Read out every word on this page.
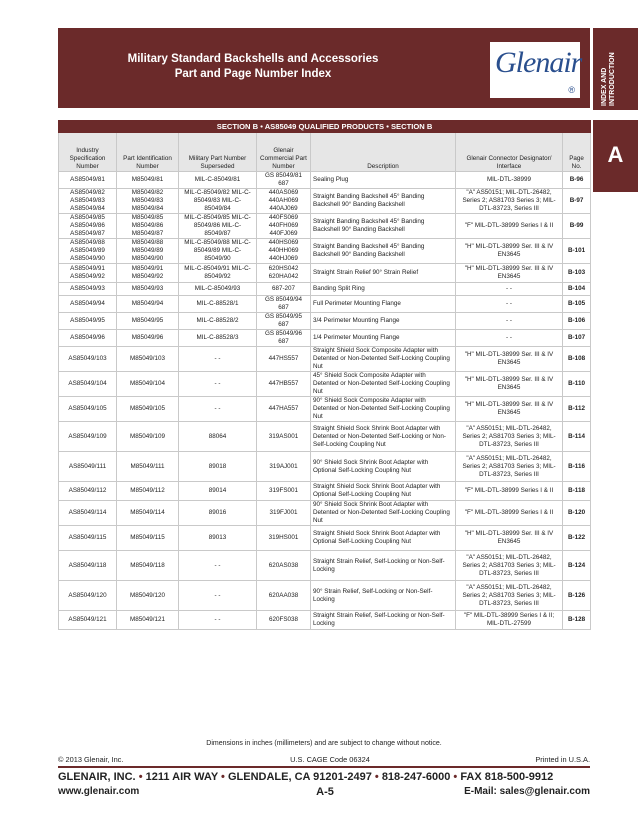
Military Standard Backshells and Accessories
Part and Page Number Index	Glenair
®	INDEX AND INTRODUCTION
A
SECTION B • AS85049 QUALIFIED PRODUCTS • SECTION B						
Industry Specification Number	Part Identification Number	Military Part Number Superseded	Glenair Commercial Part Number	Description	Glenair Connector Designator/ Interface	Page No.
AS85049/81	M85049/81	MIL-C-85049/81	GS 85049/81 687	Sealing Plug	MIL-DTL-38999	B-96
AS85049/82 AS85049/83 AS85049/84	M85049/82 M85049/83 M85049/84	MIL-C-85049/82 MIL-C-85049/83 MIL-C-85049/84	440AS069 440AH069 440AJ069	Straight Banding Backshell 45° Banding Backshell 90° Banding Backshell	"A" AS50151; MIL-DTL-26482, Series 2; AS81703 Series 3; MIL-DTL-83723, Series III	B-97
AS85049/85 AS85049/86 AS85049/87	M85049/85 M85049/86 M85049/87	MIL-C-85049/85 MIL-C-85049/86 MIL-C-85049/87	440FS069 440FH069 440FJ069	Straight Banding Backshell 45° Banding Backshell 90° Banding Backshell	"F" MIL-DTL-38999 Series I & II	B-99
AS85049/88 AS85049/89 AS85049/90	M85049/88 M85049/89 M85049/90	MIL-C-85049/88 MIL-C-85049/89 MIL-C-85049/90	440HS069 440HH069 440HJ069	Straight Banding Backshell 45° Banding Backshell 90° Banding Backshell	"H" MIL-DTL-38999 Ser. III & IV EN3645	B-101
AS85049/91 AS85049/92	M85049/91 M85049/92	MIL-C-85049/91 MIL-C-85049/92	620HS042 620HA042	Straight Strain Relief 90° Strain Relief	"H" MIL-DTL-38999 Ser. III & IV EN3645	B-103
AS85049/93	M85049/93	MIL-C-85049/93	687-207	Banding Split Ring	- -	B-104
AS85049/94	M85049/94	MIL-C-88528/1	GS 85049/94 687	Full Perimeter Mounting Flange	- -	B-105
AS85049/95	M85049/95	MIL-C-88528/2	GS 85049/95 687	3/4 Perimeter Mounting Flange	- -	B-106
AS85049/96	M85049/96	MIL-C-88528/3	GS 85049/96 687	1/4 Perimeter Mounting Flange	- -	B-107
AS85049/103	M85049/103	- -	447HS557	Straight Shield Sock Composite Adapter with Detented or Non-Detented Self-Locking Coupling Nut	"H" MIL-DTL-38999 Ser. III & IV EN3645	B-108
AS85049/104	M85049/104	- -	447HB557	45° Shield Sock Composite Adapter with Detented or Non-Detented Self-Locking Coupling Nut	"H" MIL-DTL-38999 Ser. III & IV EN3645	B-110
AS85049/105	M85049/105	- -	447HA557	90° Shield Sock Composite Adapter with Detented or Non-Detented Self-Locking Coupling Nut	"H" MIL-DTL-38999 Ser. III & IV EN3645	B-112
AS85049/109	M85049/109	88064	319AS001	Straight Shield Sock Shrink Boot Adapter with Detented or Non-Detented Self-Locking or Non-Self-Locking Coupling Nut	"A" AS50151; MIL-DTL-26482, Series 2; AS81703 Series 3; MIL-DTL-83723, Series III	B-114
AS85049/111	M85049/111	89018	319AJ001	90° Shield Sock Shrink Boot Adapter with Optional Self-Locking Coupling Nut	"A" AS50151; MIL-DTL-26482, Series 2; AS81703 Series 3; MIL-DTL-83723, Series III	B-116
AS85049/112	M85049/112	89014	319FS001	Straight Shield Sock Shrink Boot Adapter with Optional Self-Locking Coupling Nut	"F" MIL-DTL-38999 Series I & II	B-118
AS85049/114	M85049/114	89016	319FJ001	90° Shield Sock Shrink Boot Adapter with Detented or Non-Detented Self-Locking Coupling Nut	"F" MIL-DTL-38999 Series I & II	B-120
AS85049/115	M85049/115	89013	319HS001	Straight Shield Sock Shrink Boot Adapter with Optional Self-Locking Coupling Nut	"H" MIL-DTL-38999 Ser. III & IV EN3645	B-122
AS85049/118	M85049/118	- -	620AS038	Straight Strain Relief, Self-Locking or Non-Self-Locking	"A" AS50151; MIL-DTL-26482, Series 2; AS81703 Series 3; MIL-DTL-83723, Series III	B-124
AS85049/120	M85049/120	- -	620AA038	90° Strain Relief, Self-Locking or Non-Self-Locking	"A" AS50151; MIL-DTL-26482, Series 2; AS81703 Series 3; MIL-DTL-83723, Series III	B-126
AS85049/121	M85049/121	- -	620FS038	Straight Strain Relief, Self-Locking or Non-Self-Locking	"F" MIL-DTL-38999 Series I & II; MIL-DTL-27599	B-128
Dimensions in inches (millimeters) and are subject to change without notice.
© 2013 Glenair, Inc.	U.S. CAGE Code 06324	Printed in U.S.A.
GLENAIR, INC. • 1211 AIR WAY • GLENDALE, CA 91201-2497 • 818-247-6000 • FAX 818-500-9912
www.glenair.com	A-5	E-Mail: sales@glenair.com
